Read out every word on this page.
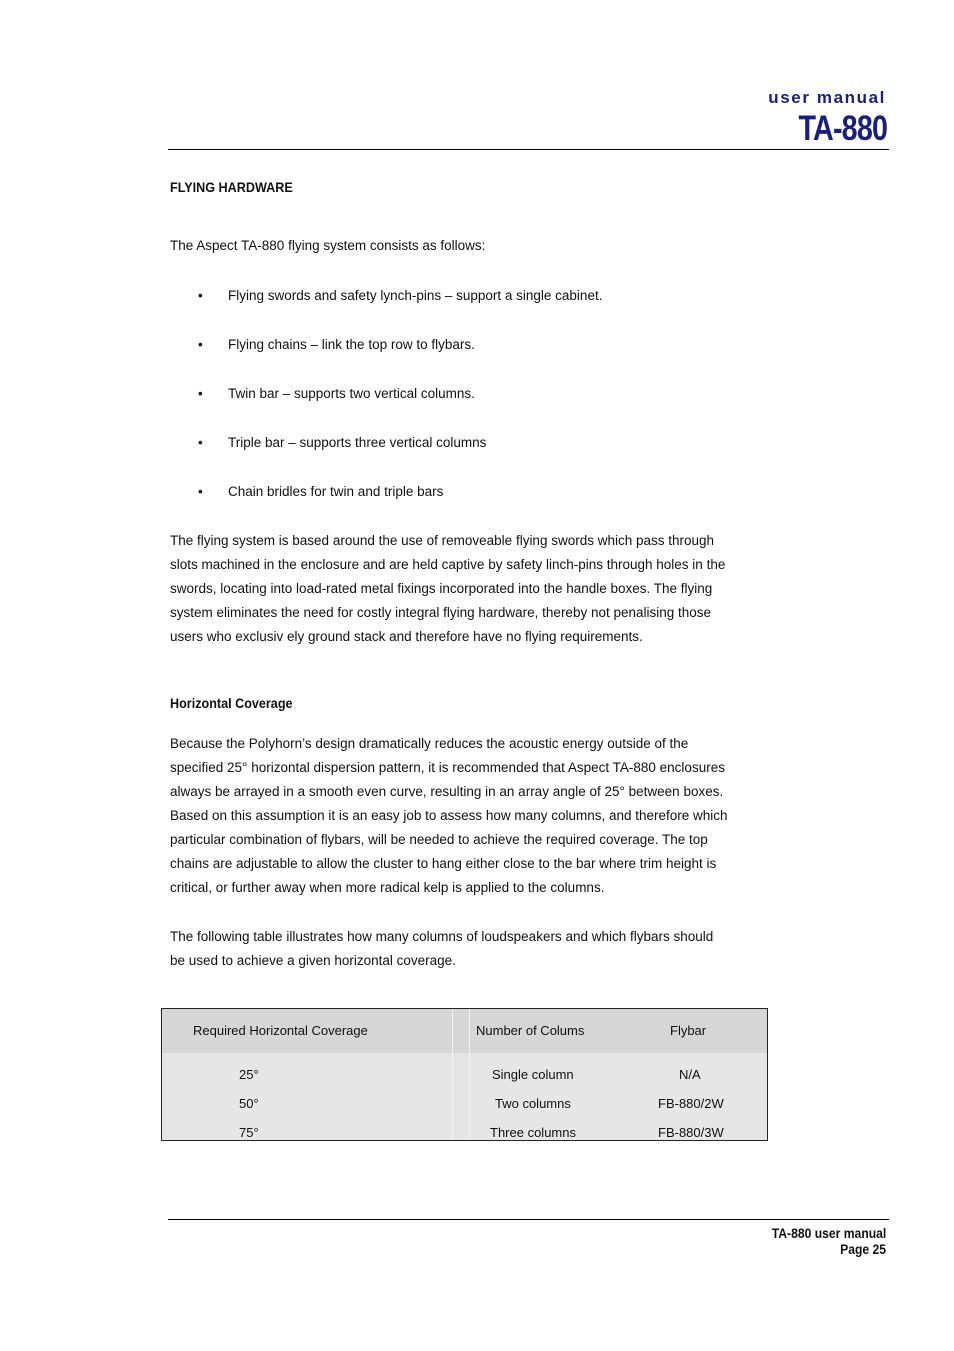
user manual
TA-880
FLYING HARDWARE
The Aspect TA-880 flying system consists as follows:
• Flying swords and safety lynch-pins – support a single cabinet.
• Flying chains – link the top row to flybars.
• Twin bar – supports two vertical columns.
• Triple bar – supports three vertical columns
• Chain bridles for twin and triple bars
The flying system is based around the use of removeable flying swords which pass through
slots machined in the enclosure and are held captive by safety linch-pins through holes in the
swords, locating into load-rated metal fixings incorporated into the handle boxes. The flying
system eliminates the need for costly integral flying hardware, thereby not penalising those
users who exclusiv ely ground stack and therefore have no flying requirements.
Horizontal Coverage
Because the Polyhorn’s design dramatically reduces the acoustic energy outside of the
specified 25° horizontal dispersion pattern, it is recommended that Aspect TA-880 enclosures
always be arrayed in a smooth even curve, resulting in an array angle of 25° between boxes.
Based on this assumption it is an easy job to assess how many columns, and therefore which
particular combination of flybars, will be needed to achieve the required coverage. The top
chains are adjustable to allow the cluster to hang either close to the bar where trim height is
critical, or further away when more radical kelp is applied to the columns.
The following table illustrates how many columns of loudspeakers and which flybars should
be used to achieve a given horizontal coverage.
Required Horizontal Coverage	Number of Colums	Flybar
25°	Single column	N/A
50°	Two columns	FB-880/2W
75°	Three columns	FB-880/3W
TA-880 user manual
Page 25
